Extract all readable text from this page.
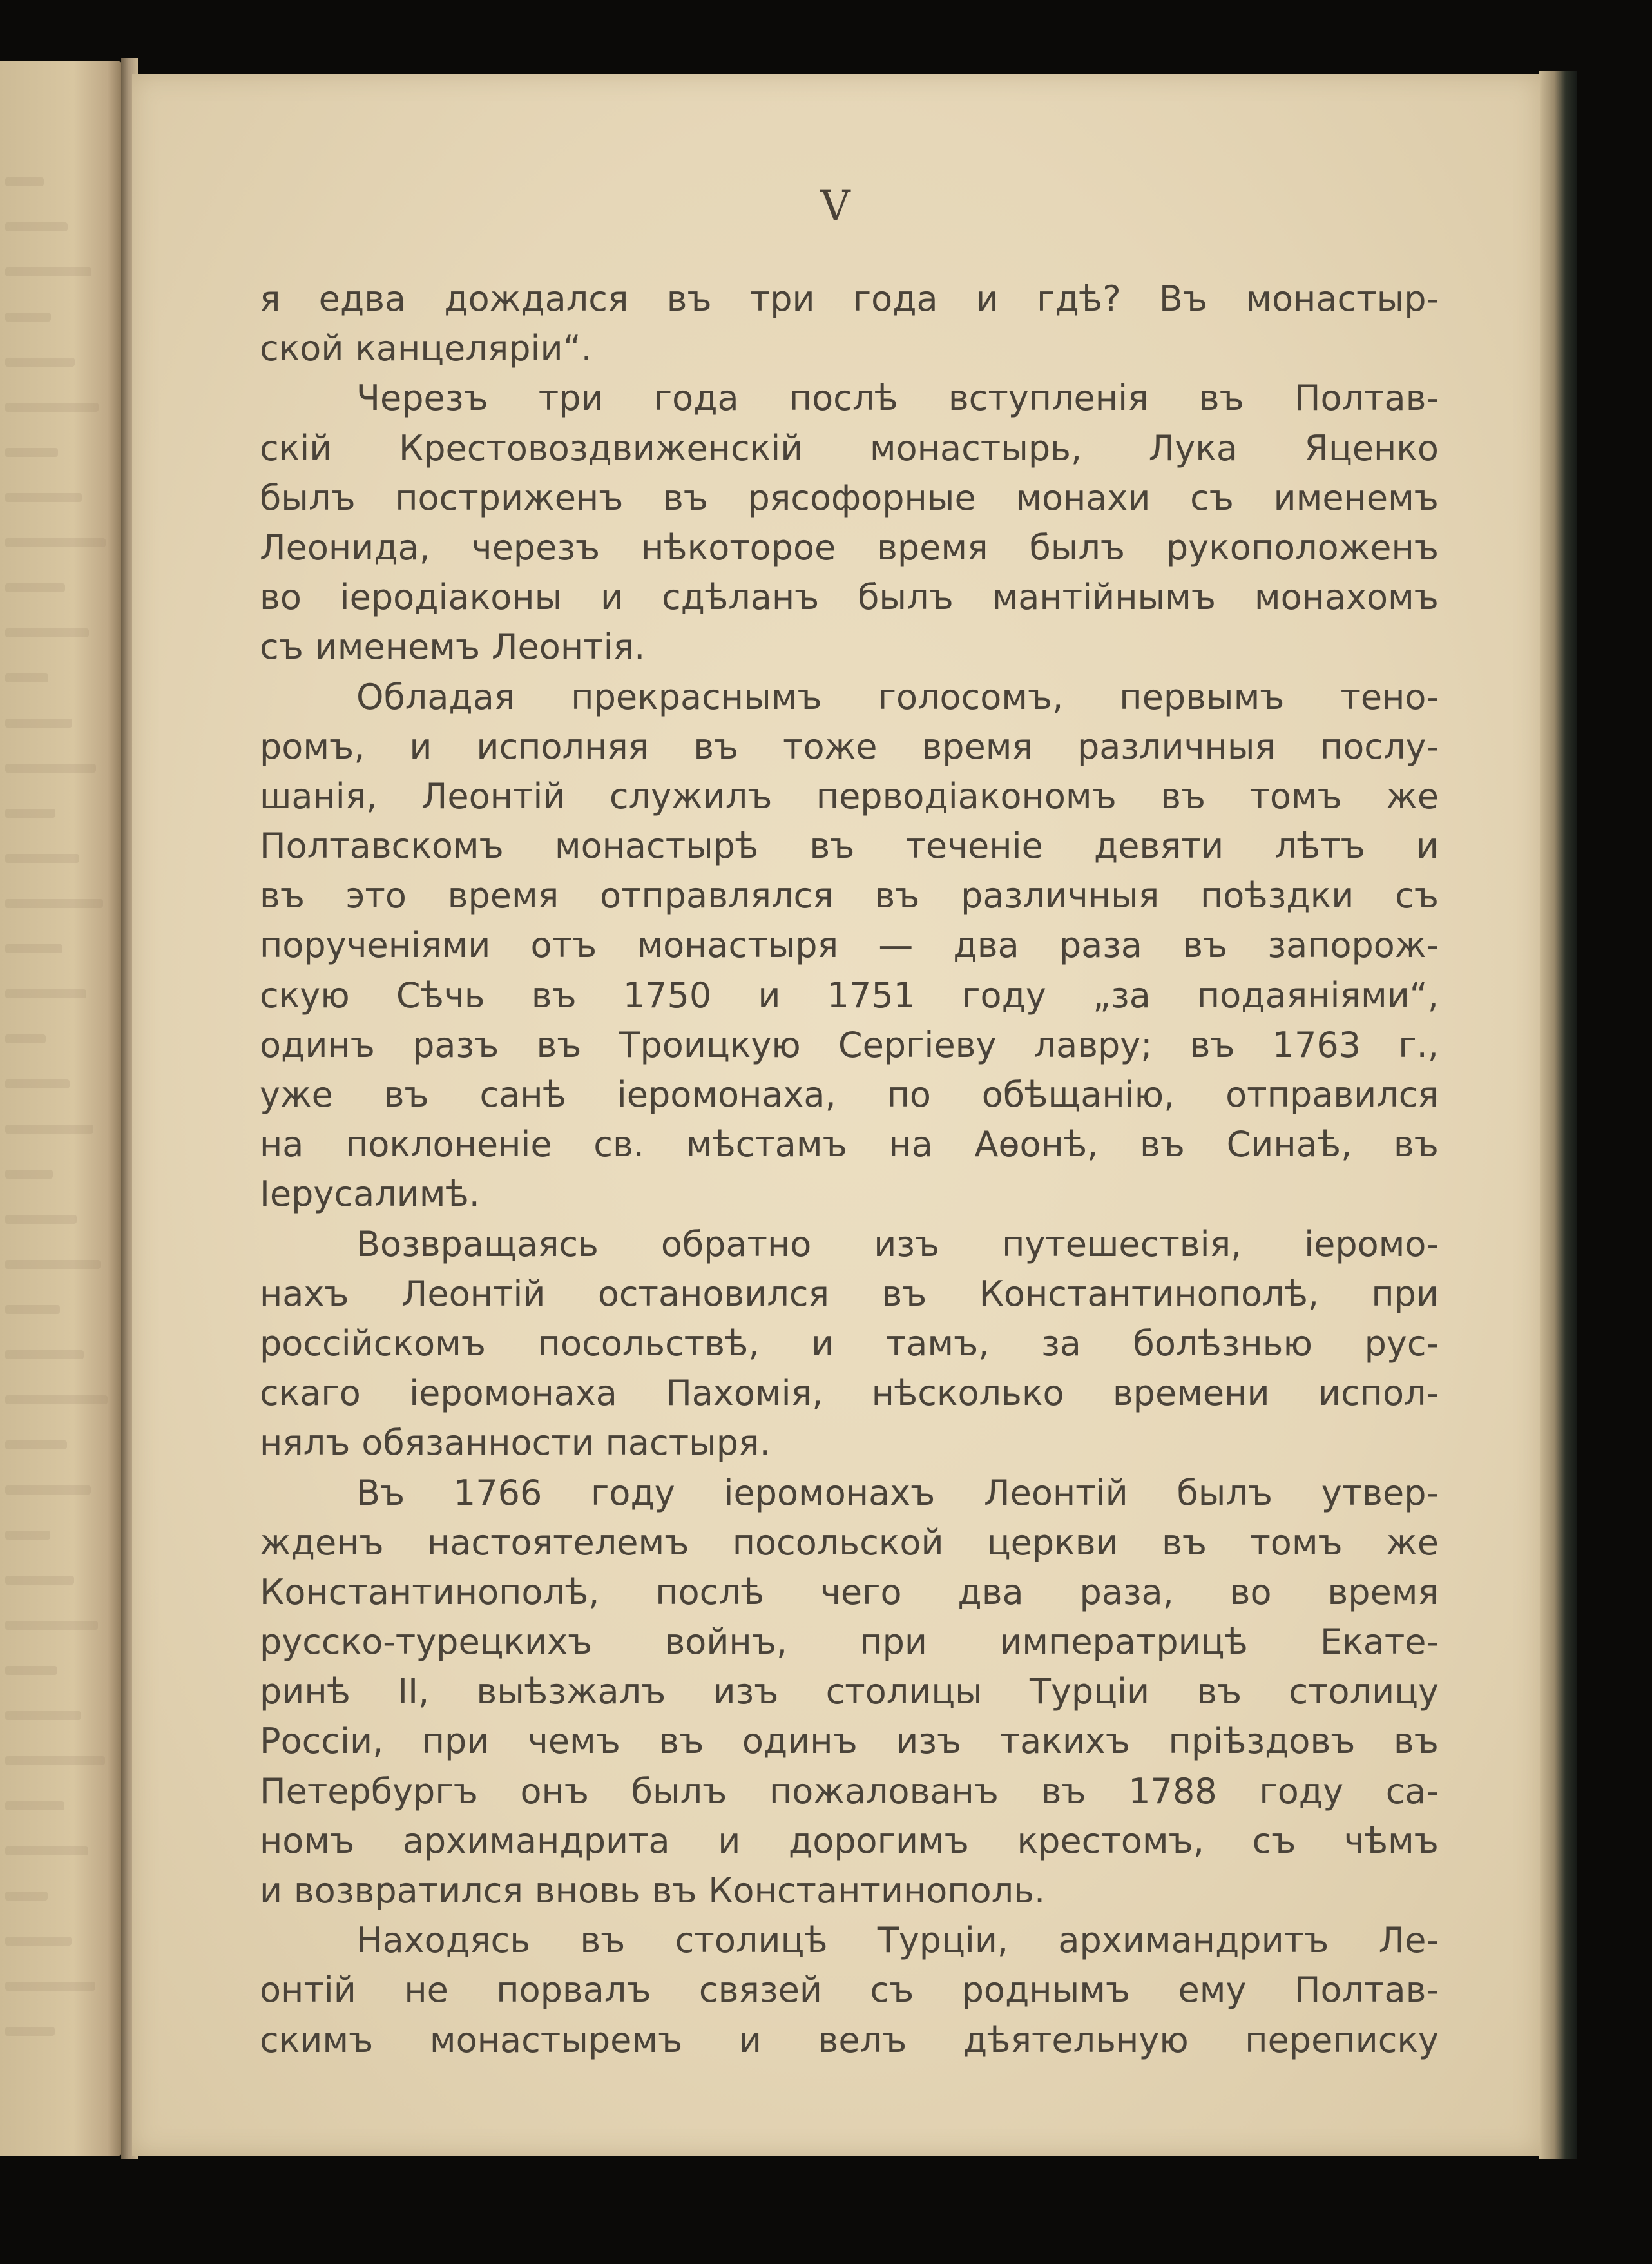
V
я едва дождался въ три года и гдѣ? Въ монастыр-
ской канцеляріи“.
Черезъ три года послѣ вступленія въ Полтав-
скій Крестовоздвиженскій монастырь, Лука Яценко
былъ постриженъ въ рясофорные монахи съ именемъ
Леонида, черезъ нѣкоторое время былъ рукоположенъ
во іеродіаконы и сдѣланъ былъ мантійнымъ монахомъ
съ именемъ Леонтія.
Обладая прекраснымъ голосомъ, первымъ тено-
ромъ, и исполняя въ тоже время различныя послу-
шанія, Леонтій служилъ перводіакономъ въ томъ же
Полтавскомъ монастырѣ въ теченіе девяти лѣтъ и
въ это время отправлялся въ различныя поѣздки съ
порученіями отъ монастыря — два раза въ запорож-
скую Сѣчь въ 1750 и 1751 году „за подаяніями“,
одинъ разъ въ Троицкую Сергіеву лавру; въ 1763 г.,
уже въ санѣ іеромонаха, по обѣщанію, отправился
на поклоненіе св. мѣстамъ на Аѳонѣ, въ Синаѣ, въ
Іерусалимѣ.
Возвращаясь обратно изъ путешествія, іеромо-
нахъ Леонтій остановился въ Константинополѣ, при
россійскомъ посольствѣ, и тамъ, за болѣзнью рус-
скаго іеромонаха Пахомія, нѣсколько времени испол-
нялъ обязанности пастыря.
Въ 1766 году іеромонахъ Леонтій былъ утвер-
жденъ настоятелемъ посольской церкви въ томъ же
Константинополѣ, послѣ чего два раза, во время
русско-турецкихъ войнъ, при императрицѣ Екате-
ринѣ II, выѣзжалъ изъ столицы Турціи въ столицу
Россіи, при чемъ въ одинъ изъ такихъ пріѣздовъ въ
Петербургъ онъ былъ пожалованъ въ 1788 году са-
номъ архимандрита и дорогимъ крестомъ, съ чѣмъ
и возвратился вновь въ Константинополь.
Находясь въ столицѣ Турціи, архимандритъ Ле-
онтій не порвалъ связей съ роднымъ ему Полтав-
скимъ монастыремъ и велъ дѣятельную переписку
